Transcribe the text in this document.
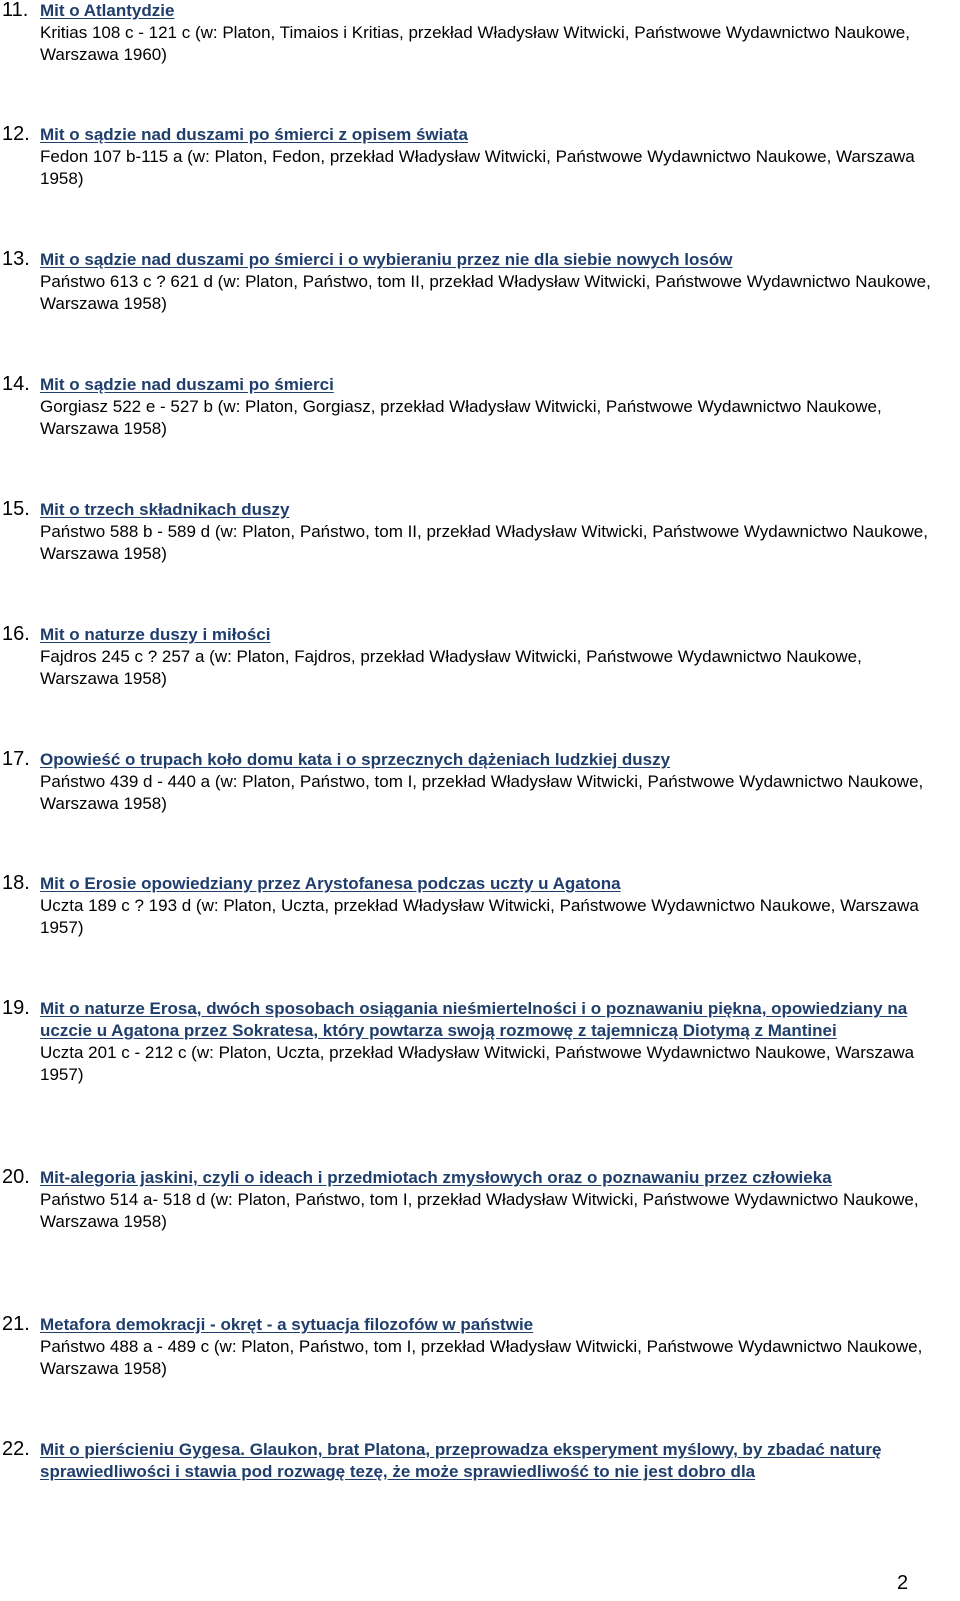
11. Mit o Atlantydzie
Kritias 108 c - 121 c (w: Platon, Timaios i Kritias, przekład Władysław Witwicki, Państwowe Wydawnictwo Naukowe, Warszawa 1960)
12. Mit o sądzie nad duszami po śmierci z opisem świata
Fedon 107 b-115 a (w: Platon, Fedon, przekład Władysław Witwicki, Państwowe Wydawnictwo Naukowe, Warszawa 1958)
13. Mit o sądzie nad duszami po śmierci i o wybieraniu przez nie dla siebie nowych losów
Państwo 613 c ? 621 d (w: Platon, Państwo, tom II, przekład Władysław Witwicki, Państwowe Wydawnictwo Naukowe, Warszawa 1958)
14. Mit o sądzie nad duszami po śmierci
Gorgiasz 522 e - 527 b (w: Platon, Gorgiasz, przekład Władysław Witwicki, Państwowe Wydawnictwo Naukowe, Warszawa 1958)
15. Mit o trzech składnikach duszy
Państwo 588 b - 589 d (w: Platon, Państwo, tom II, przekład Władysław Witwicki, Państwowe Wydawnictwo Naukowe, Warszawa 1958)
16. Mit o naturze duszy i miłości
Fajdros 245 c ? 257 a (w: Platon, Fajdros, przekład Władysław Witwicki, Państwowe Wydawnictwo Naukowe, Warszawa 1958)
17. Opowieść o trupach koło domu kata i o sprzecznych dążeniach ludzkiej duszy
Państwo 439 d - 440 a (w: Platon, Państwo, tom I, przekład Władysław Witwicki, Państwowe Wydawnictwo Naukowe, Warszawa 1958)
18. Mit o Erosie opowiedziany przez Arystofanesa podczas uczty u Agatona
Uczta 189 c ? 193 d (w: Platon, Uczta, przekład Władysław Witwicki, Państwowe Wydawnictwo Naukowe, Warszawa 1957)
19. Mit o naturze Erosa, dwóch sposobach osiągania nieśmiertelności i o poznawaniu piękna, opowiedziany na uczcie u Agatona przez Sokratesa, który powtarza swoją rozmowę z tajemniczą Diotymą z Mantinei
Uczta 201 c - 212 c (w: Platon, Uczta, przekład Władysław Witwicki, Państwowe Wydawnictwo Naukowe, Warszawa 1957)
20. Mit-alegoria jaskini, czyli o ideach i przedmiotach zmysłowych oraz o poznawaniu przez człowieka
Państwo 514 a- 518 d (w: Platon, Państwo, tom I, przekład Władysław Witwicki, Państwowe Wydawnictwo Naukowe, Warszawa 1958)
21. Metafora demokracji - okręt - a sytuacja filozofów w państwie
Państwo 488 a - 489 c (w: Platon, Państwo, tom I, przekład Władysław Witwicki, Państwowe Wydawnictwo Naukowe, Warszawa 1958)
22. Mit o pierścieniu Gygesa. Glaukon, brat Platona, przeprowadza eksperyment myślowy, by zbadać naturę sprawiedliwości i stawia pod rozwagę tezę, że może sprawiedliwość to nie jest dobro dla
2
